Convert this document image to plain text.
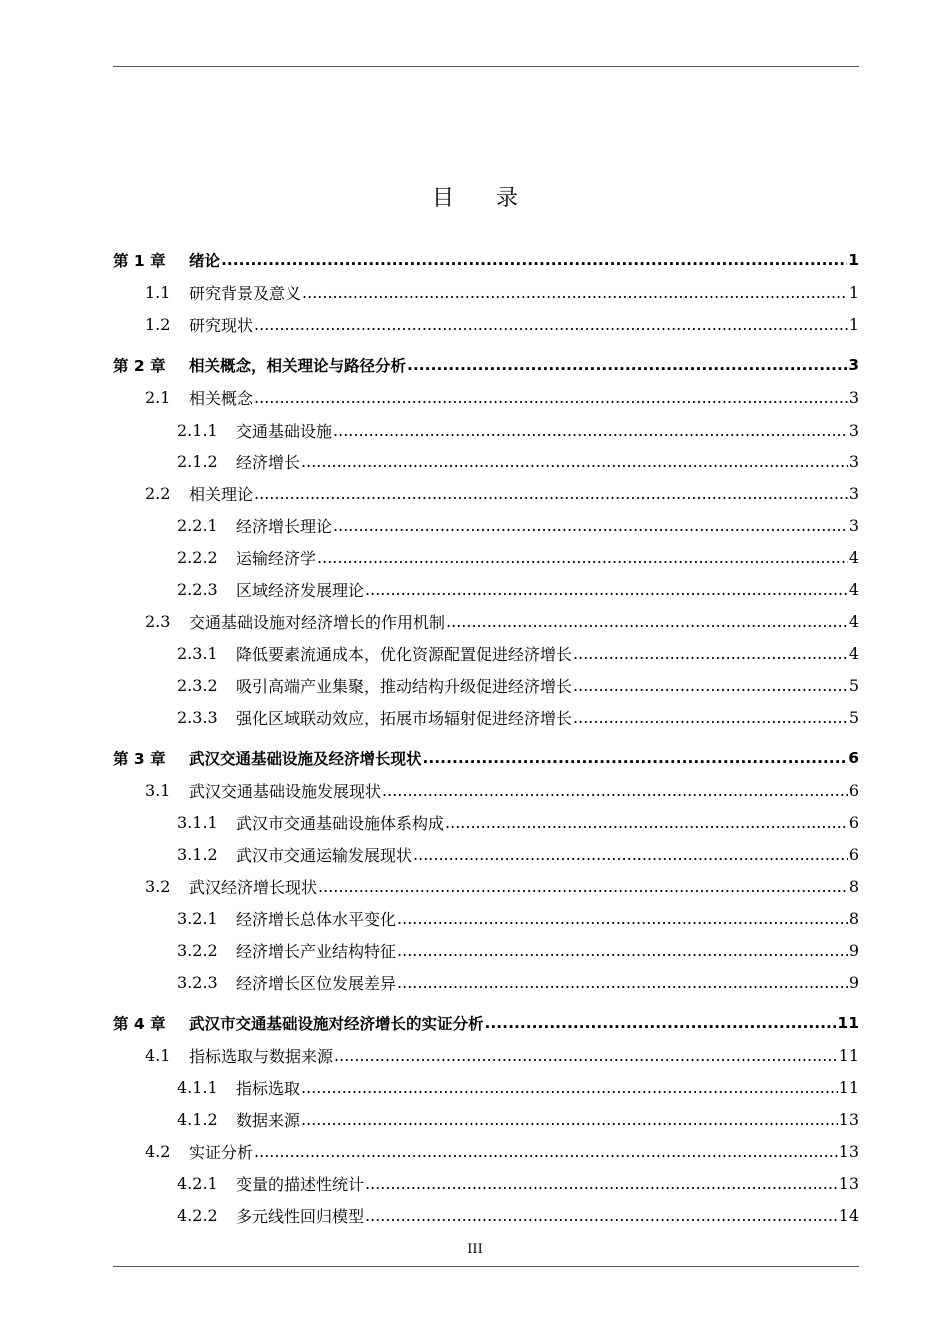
目录
第 1 章	绪论 .....	1
1.1	研究背景及意义 .....	1
1.2	研究现状 .....	1
第 2 章	相关概念，相关理论与路径分析 .....	3
2.1	相关概念 .....	3
2.1.1	交通基础设施 .....	3
2.1.2	经济增长 .....	3
2.2	相关理论 .....	3
2.2.1	经济增长理论 .....	3
2.2.2	运输经济学 .....	4
2.2.3	区域经济发展理论 .....	4
2.3	交通基础设施对经济增长的作用机制 .....	4
2.3.1	降低要素流通成本，优化资源配置促进经济增长 .....	4
2.3.2	吸引高端产业集聚，推动结构升级促进经济增长 .....	5
2.3.3	强化区域联动效应，拓展市场辐射促进经济增长 .....	5
第 3 章	武汉交通基础设施及经济增长现状 .....	6
3.1	武汉交通基础设施发展现状 .....	6
3.1.1	武汉市交通基础设施体系构成 .....	6
3.1.2	武汉市交通运输发展现状 .....	6
3.2	武汉经济增长现状 .....	8
3.2.1	经济增长总体水平变化 .....	8
3.2.2	经济增长产业结构特征 .....	9
3.2.3	经济增长区位发展差异 .....	9
第 4 章	武汉市交通基础设施对经济增长的实证分析 .....	11
4.1	指标选取与数据来源 .....	11
4.1.1	指标选取 .....	11
4.1.2	数据来源 .....	13
4.2	实证分析 .....	13
4.2.1	变量的描述性统计 .....	13
4.2.2	多元线性回归模型 .....	14
III
